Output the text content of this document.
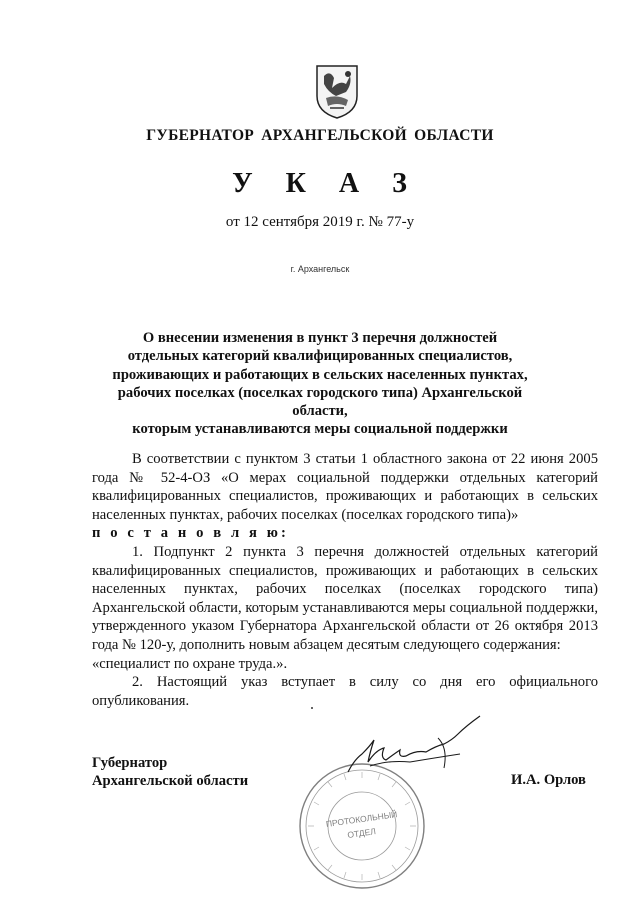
ГУБЕРНАТОР АРХАНГЕЛЬСКОЙ ОБЛАСТИ
У К А З
от 12 сентября 2019 г. № 77-у
г. Архангельск
О внесении изменения в пункт 3 перечня должностей
отдельных категорий квалифицированных специалистов,
проживающих и работающих в сельских населенных пунктах,
рабочих поселках (поселках городского типа) Архангельской области,
которым устанавливаются меры социальной поддержки

В соответствии с пунктом 3 статьи 1 областного закона от 22 июня 2005 года № 52-4-ОЗ «О мерах социальной поддержки отдельных категорий квалифицированных специалистов, проживающих и работающих в сельских населенных пунктах, рабочих поселках (поселках городского типа)»

п о с т а н о в л я ю:

1. Подпункт 2 пункта 3 перечня должностей отдельных категорий квалифицированных специалистов, проживающих и работающих в сельских населенных пунктах, рабочих поселках (поселках городского типа) Архангельской области, которым устанавливаются меры социальной поддержки, утвержденного указом Губернатора Архангельской области от 26 октября 2013 года № 120-у, дополнить новым абзацем десятым следующего содержания:

«специалист по охране труда.».

2. Настоящий указ вступает в силу со дня его официального опубликования.

Губернатор
Архангельской области	И.А. Орлов
ПРОТОКОЛЬНЫЙ
ОТДЕЛ
